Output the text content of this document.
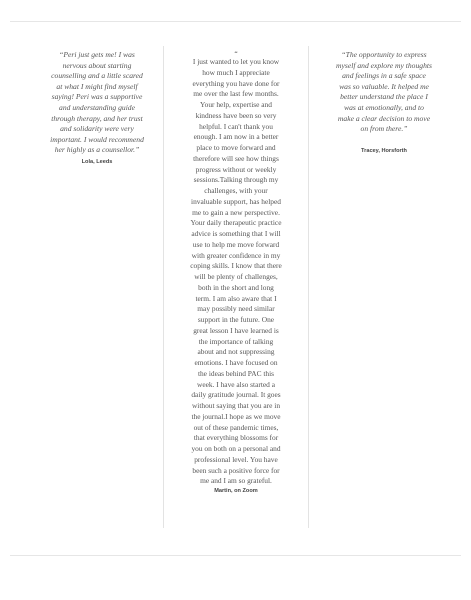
“Peri just gets me! I was
nervous about starting
counselling and a little scared
at what I might find myself
saying! Peri was a supportive
and understanding guide
through therapy, and her trust
and solidarity were very
important. I would recommend
her highly as a counsellor.”

Lola, Leeds
“

I just wanted to let you know
how much I appreciate
everything you have done for
me over the last few months.
Your help, expertise and
kindness have been so very
helpful. I can't thank you
enough. I am now in a better
place to move forward and
therefore will see how things
progress without or weekly
sessions.Talking through my
challenges, with your
invaluable support, has helped
me to gain a new perspective.
Your daily therapeutic practice
advice is something that I will
use to help me move forward
with greater confidence in my
coping skills. I know that there
will be plenty of challenges,
both in the short and long
term. I am also aware that I
may possibly need similar
support in the future. One
great lesson I have learned is
the importance of talking
about and not suppressing
emotions. I have focused on
the ideas behind PAC this
week. I have also started a
daily gratitude journal. It goes
without saying that you are in
the journal.I hope as we move
out of these pandemic times,
that everything blossoms for
you on both on a personal and
professional level. You have
been such a positive force for
me and I am so grateful.

Martin, on Zoom

“The opportunity to express
myself and explore my thoughts
and feelings in a safe space
was so valuable. It helped me
better understand the place I
was at emotionally, and to
make a clear decision to move
on from there.”

Tracey, Horsforth
